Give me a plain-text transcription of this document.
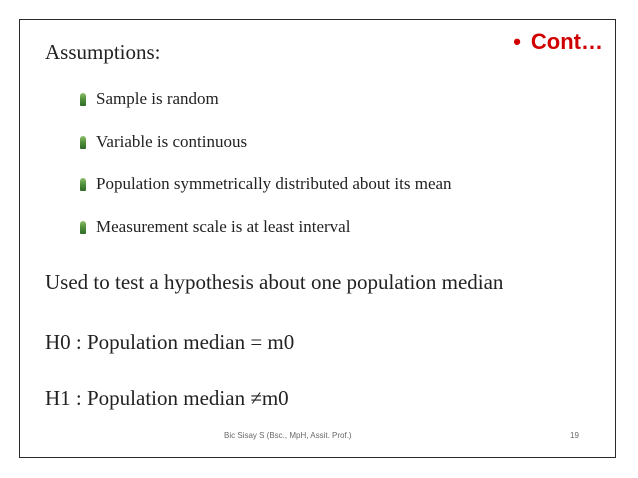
• Cont…
Assumptions:
Sample is random
Variable is continuous
Population symmetrically distributed about its mean
Measurement scale is at least interval
Used to test a hypothesis about one population median
H0 : Population median = m0
H1 : Population median ≠m0
Bic Sisay S (Bsc., MpH, Assit. Prof.)	19
